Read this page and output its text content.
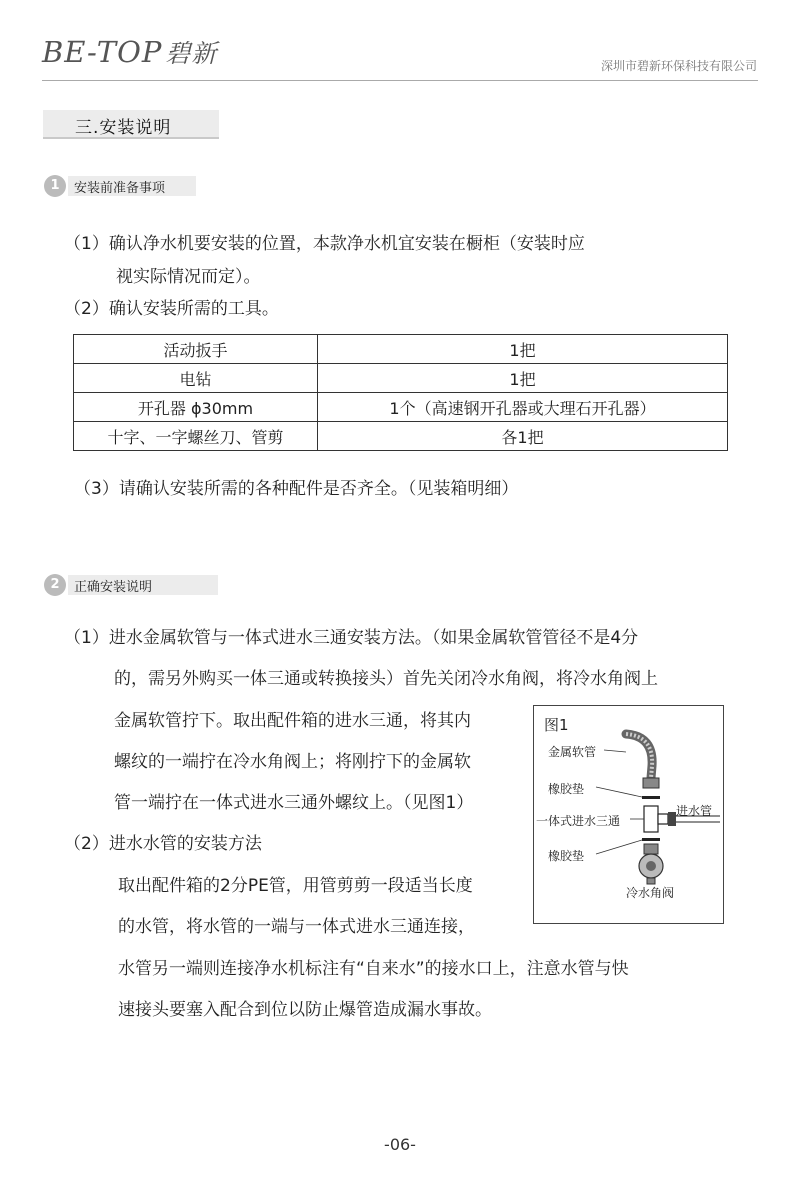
BE-TOP 碧新	深圳市碧新环保科技有限公司
三.安装说明
1	安装前准备事项
（1）确认净水机要安装的位置，本款净水机宜安装在橱柜（安装时应
视实际情况而定）。
（2）确认安装所需的工具。
活动扳手	1把
电钻	1把
开孔器 ϕ30mm	1个（高速钢开孔器或大理石开孔器）
十字、一字螺丝刀、管剪	各1把
（3）请确认安装所需的各种配件是否齐全。（见装箱明细）
2	正确安装说明
（1）进水金属软管与一体式进水三通安装方法。（如果金属软管管径不是4分
的，需另外购买一体三通或转换接头）首先关闭冷水角阀，将冷水角阀上
金属软管拧下。取出配件箱的进水三通，将其内
螺纹的一端拧在冷水角阀上；将刚拧下的金属软
管一端拧在一体式进水三通外螺纹上。（见图1）
（2）进水水管的安装方法
取出配件箱的2分PE管，用管剪剪一段适当长度
的水管，将水管的一端与一体式进水三通连接，
水管另一端则连接净水机标注有“自来水”的接水口上，注意水管与快
速接头要塞入配合到位以防止爆管造成漏水事故。
图1
金属软管
橡胶垫
一体式进水三通
进水管
橡胶垫
冷水角阀
-06-
